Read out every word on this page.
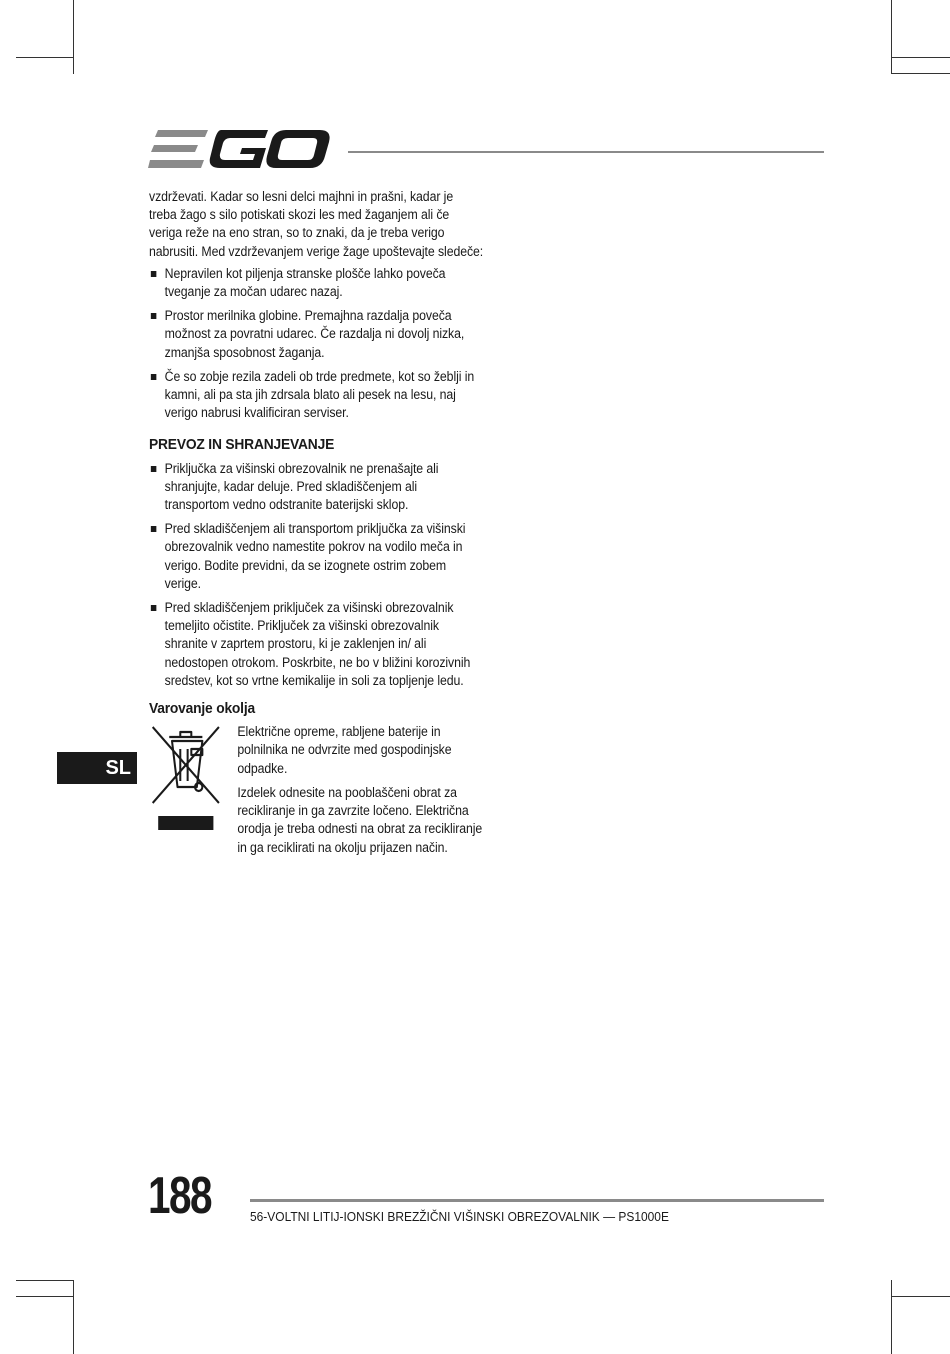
vzdrževati. Kadar so lesni delci majhni in prašni, kadar je treba žago s silo potiskati skozi les med žaganjem ali če veriga reže na eno stran, so to znaki, da je treba verigo nabrusiti. Med vzdrževanjem verige žage upoštevajte sledeče:

Nepravilen kot piljenja stranske plošče lahko poveča tveganje za močan udarec nazaj.
Prostor merilnika globine. Premajhna razdalja poveča možnost za povratni udarec. Če razdalja ni dovolj nizka, zmanjša sposobnost žaganja.
Če so zobje rezila zadeli ob trde predmete, kot so žeblji in kamni, ali pa sta jih zdrsala blato ali pesek na lesu, naj verigo nabrusi kvalificiran serviser.
PREVOZ IN SHRANJEVANJE
Priključka za višinski obrezovalnik ne prenašajte ali shranjujte, kadar deluje. Pred skladiščenjem ali transportom vedno odstranite baterijski sklop.
Pred skladiščenjem ali transportom priključka za višinski obrezovalnik vedno namestite pokrov na vodilo meča in verigo. Bodite previdni, da se izognete ostrim zobem verige.
Pred skladiščenjem priključek za višinski obrezovalnik temeljito očistite. Priključek za višinski obrezovalnik shranite v zaprtem prostoru, ki je zaklenjen in/ ali nedostopen otrokom. Poskrbite, ne bo v bližini korozivnih sredstev, kot so vrtne kemikalije in soli za topljenje ledu.
Varovanje okolja

Električne opreme, rabljene baterije in polnilnika ne odvrzite med gospodinjske odpadke.

Izdelek odnesite na pooblaščeni obrat za recikliranje in ga zavrzite ločeno. Električna orodja je treba odnesti na obrat za recikliranje in ga reciklirati na okolju prijazen način.

SL
188	56-VOLTNI LITIJ-IONSKI BREZŽIČNI VIŠINSKI OBREZOVALNIK — PS1000E
